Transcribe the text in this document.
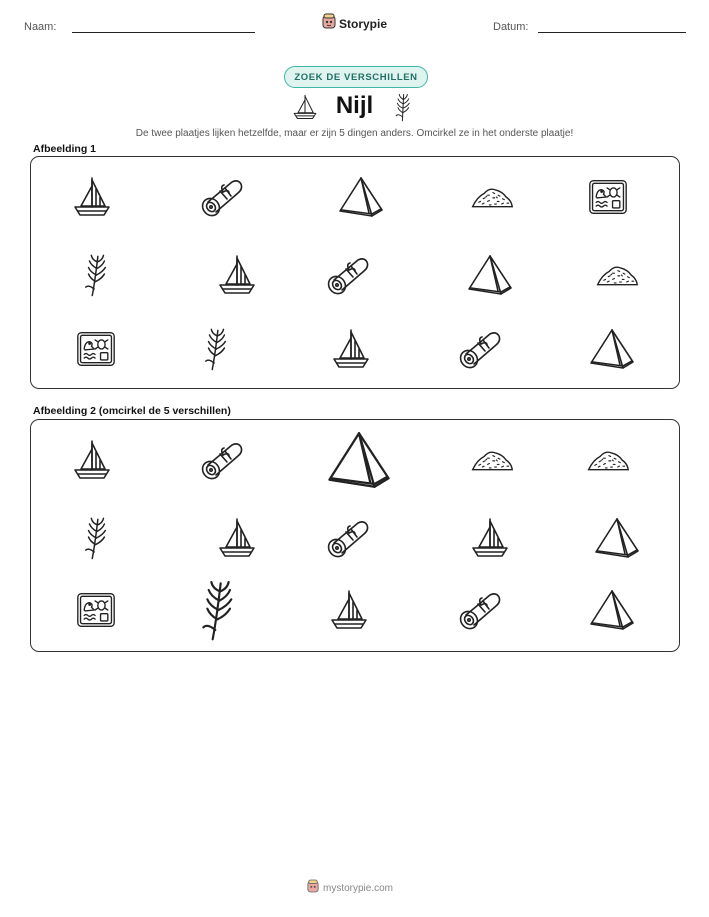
Naam:	Storypie	Datum:
ZOEK DE VERSCHILLEN
Nijl
De twee plaatjes lijken hetzelfde, maar er zijn 5 dingen anders. Omcirkel ze in het onderste plaatje!
Afbeelding 1
Afbeelding 2 (omcirkel de 5 verschillen)
mystorypie.com
